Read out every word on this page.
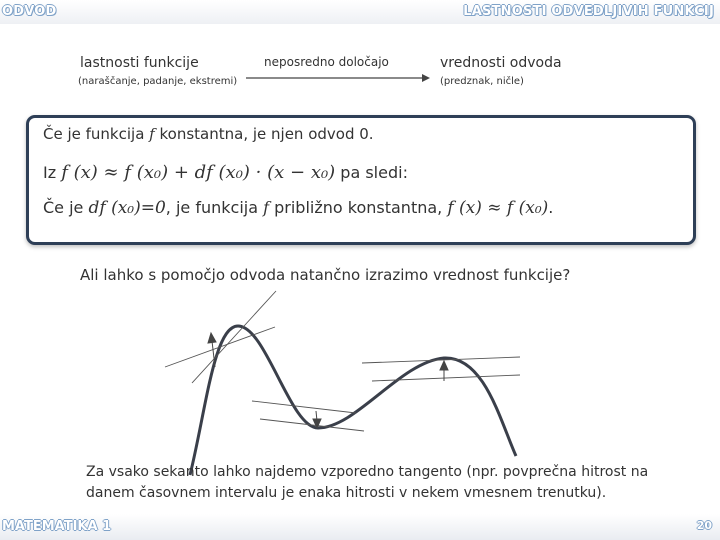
ODVOD	LASTNOSTI ODVEDLJIVIH FUNKCIJ
lastnosti funkcije
(naraščanje, padanje, ekstremi)
neposredno določajo	vrednosti odvoda
(predznak, ničle)
Če je funkcija f konstantna, je njen odvod 0.
Iz f (x) ≈ f (x₀) + df (x₀) · (x − x₀) pa sledi:
Če je df (x₀)=0, je funkcija f približno konstantna, f (x) ≈ f (x₀).
Ali lahko s pomočjo odvoda natančno izrazimo vrednost funkcije?
Za vsako sekanto lahko najdemo vzporedno tangento (npr. povprečna hitrost na danem časovnem intervalu je enaka hitrosti v nekem vmesnem trenutku).
MATEMATIKA 1	20
